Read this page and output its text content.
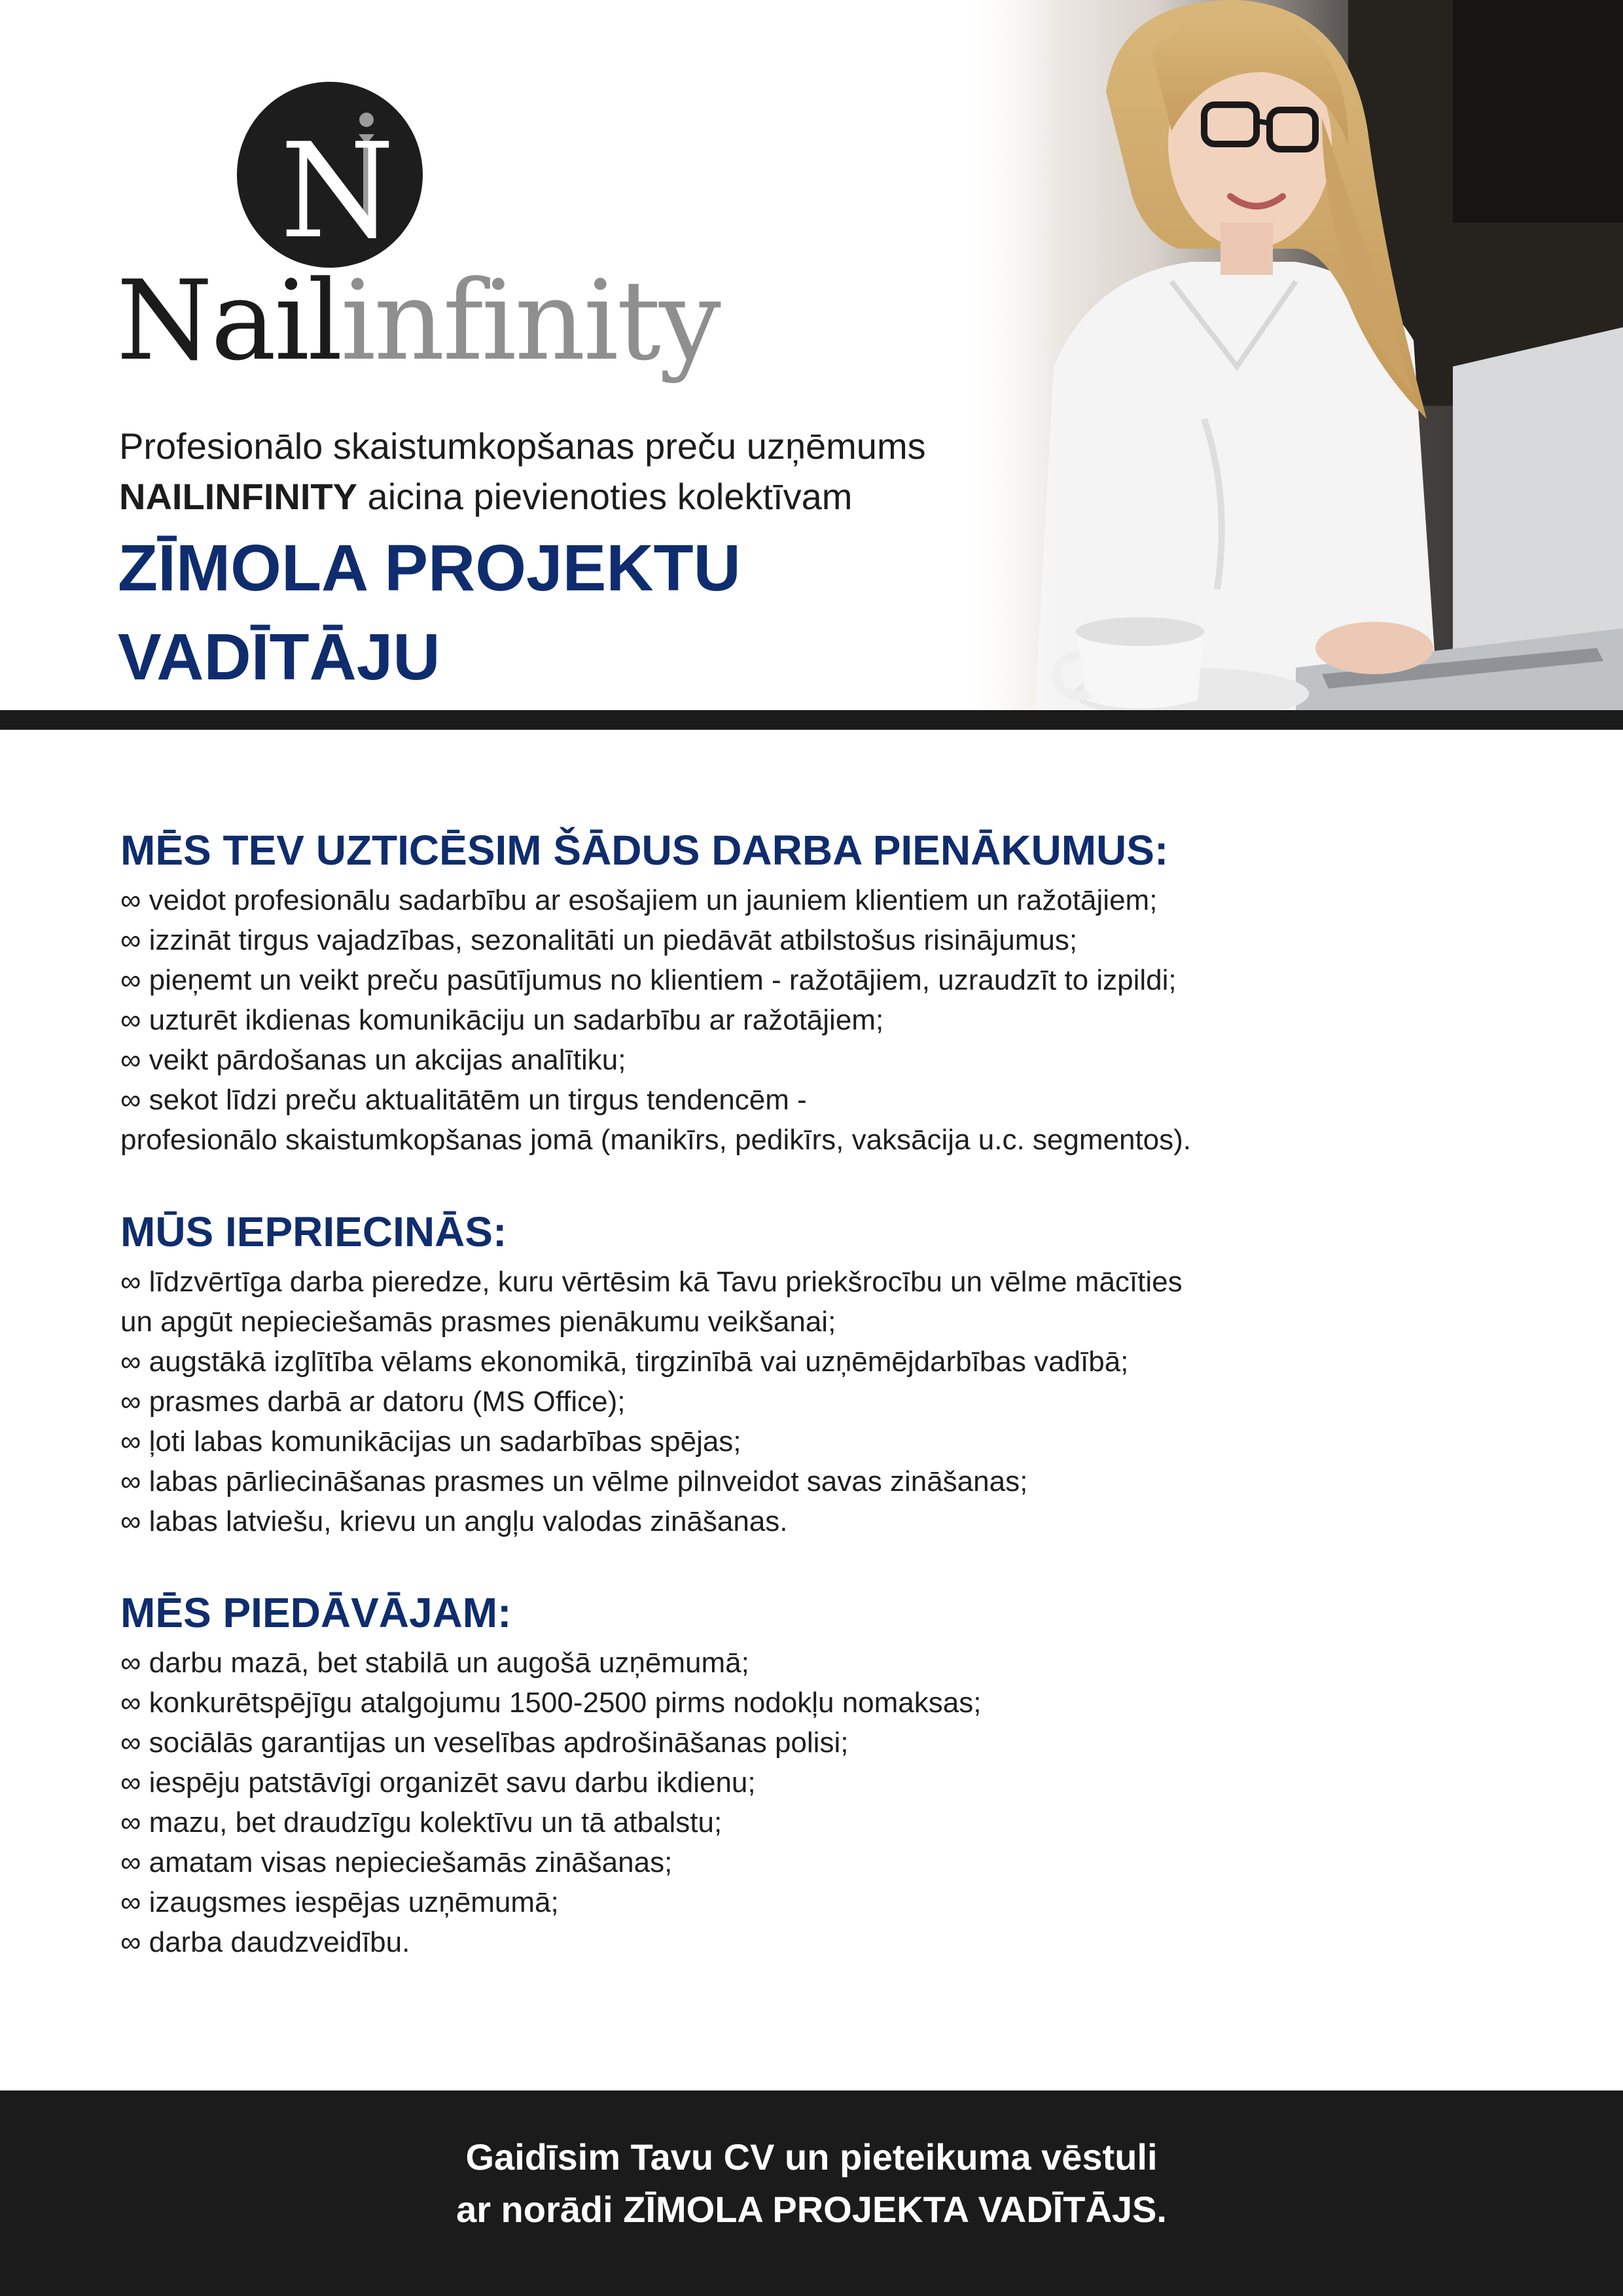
N
Nailinfinity
Profesionālo skaistumkopšanas preču uzņēmums
NAILINFINITY aicina pievienoties kolektīvam
ZĪMOLA PROJEKTU
VADĪTĀJU
MĒS TEV UZTICĒSIM ŠĀDUS DARBA PIENĀKUMUS:
∞ veidot profesionālu sadarbību ar esošajiem un jauniem klientiem un ražotājiem;
∞ izzināt tirgus vajadzības, sezonalitāti un piedāvāt atbilstošus risinājumus;
∞ pieņemt un veikt preču pasūtījumus no klientiem - ražotājiem, uzraudzīt to izpildi;
∞ uzturēt ikdienas komunikāciju un sadarbību ar ražotājiem;
∞ veikt pārdošanas un akcijas analītiku;
∞ sekot līdzi preču aktualitātēm un tirgus tendencēm -
profesionālo skaistumkopšanas jomā (manikīrs, pedikīrs, vaksācija u.c. segmentos).
MŪS IEPRIECINĀS:
∞ līdzvērtīga darba pieredze, kuru vērtēsim kā Tavu priekšrocību un vēlme mācīties
un apgūt nepieciešamās prasmes pienākumu veikšanai;
∞ augstākā izglītība vēlams ekonomikā, tirgzinībā vai uzņēmējdarbības vadībā;
∞ prasmes darbā ar datoru (MS Office);
∞ ļoti labas komunikācijas un sadarbības spējas;
∞ labas pārliecināšanas prasmes un vēlme pilnveidot savas zināšanas;
∞ labas latviešu, krievu un angļu valodas zināšanas.
MĒS PIEDĀVĀJAM:
∞ darbu mazā, bet stabilā un augošā uzņēmumā;
∞ konkurētspējīgu atalgojumu 1500-2500 pirms nodokļu nomaksas;
∞ sociālās garantijas un veselības apdrošināšanas polisi;
∞ iespēju patstāvīgi organizēt savu darbu ikdienu;
∞ mazu, bet draudzīgu kolektīvu un tā atbalstu;
∞ amatam visas nepieciešamās zināšanas;
∞ izaugsmes iespējas uzņēmumā;
∞ darba daudzveidību.
Gaidīsim Tavu CV un pieteikuma vēstuli
ar norādi ZĪMOLA PROJEKTA VADĪTĀJS.
